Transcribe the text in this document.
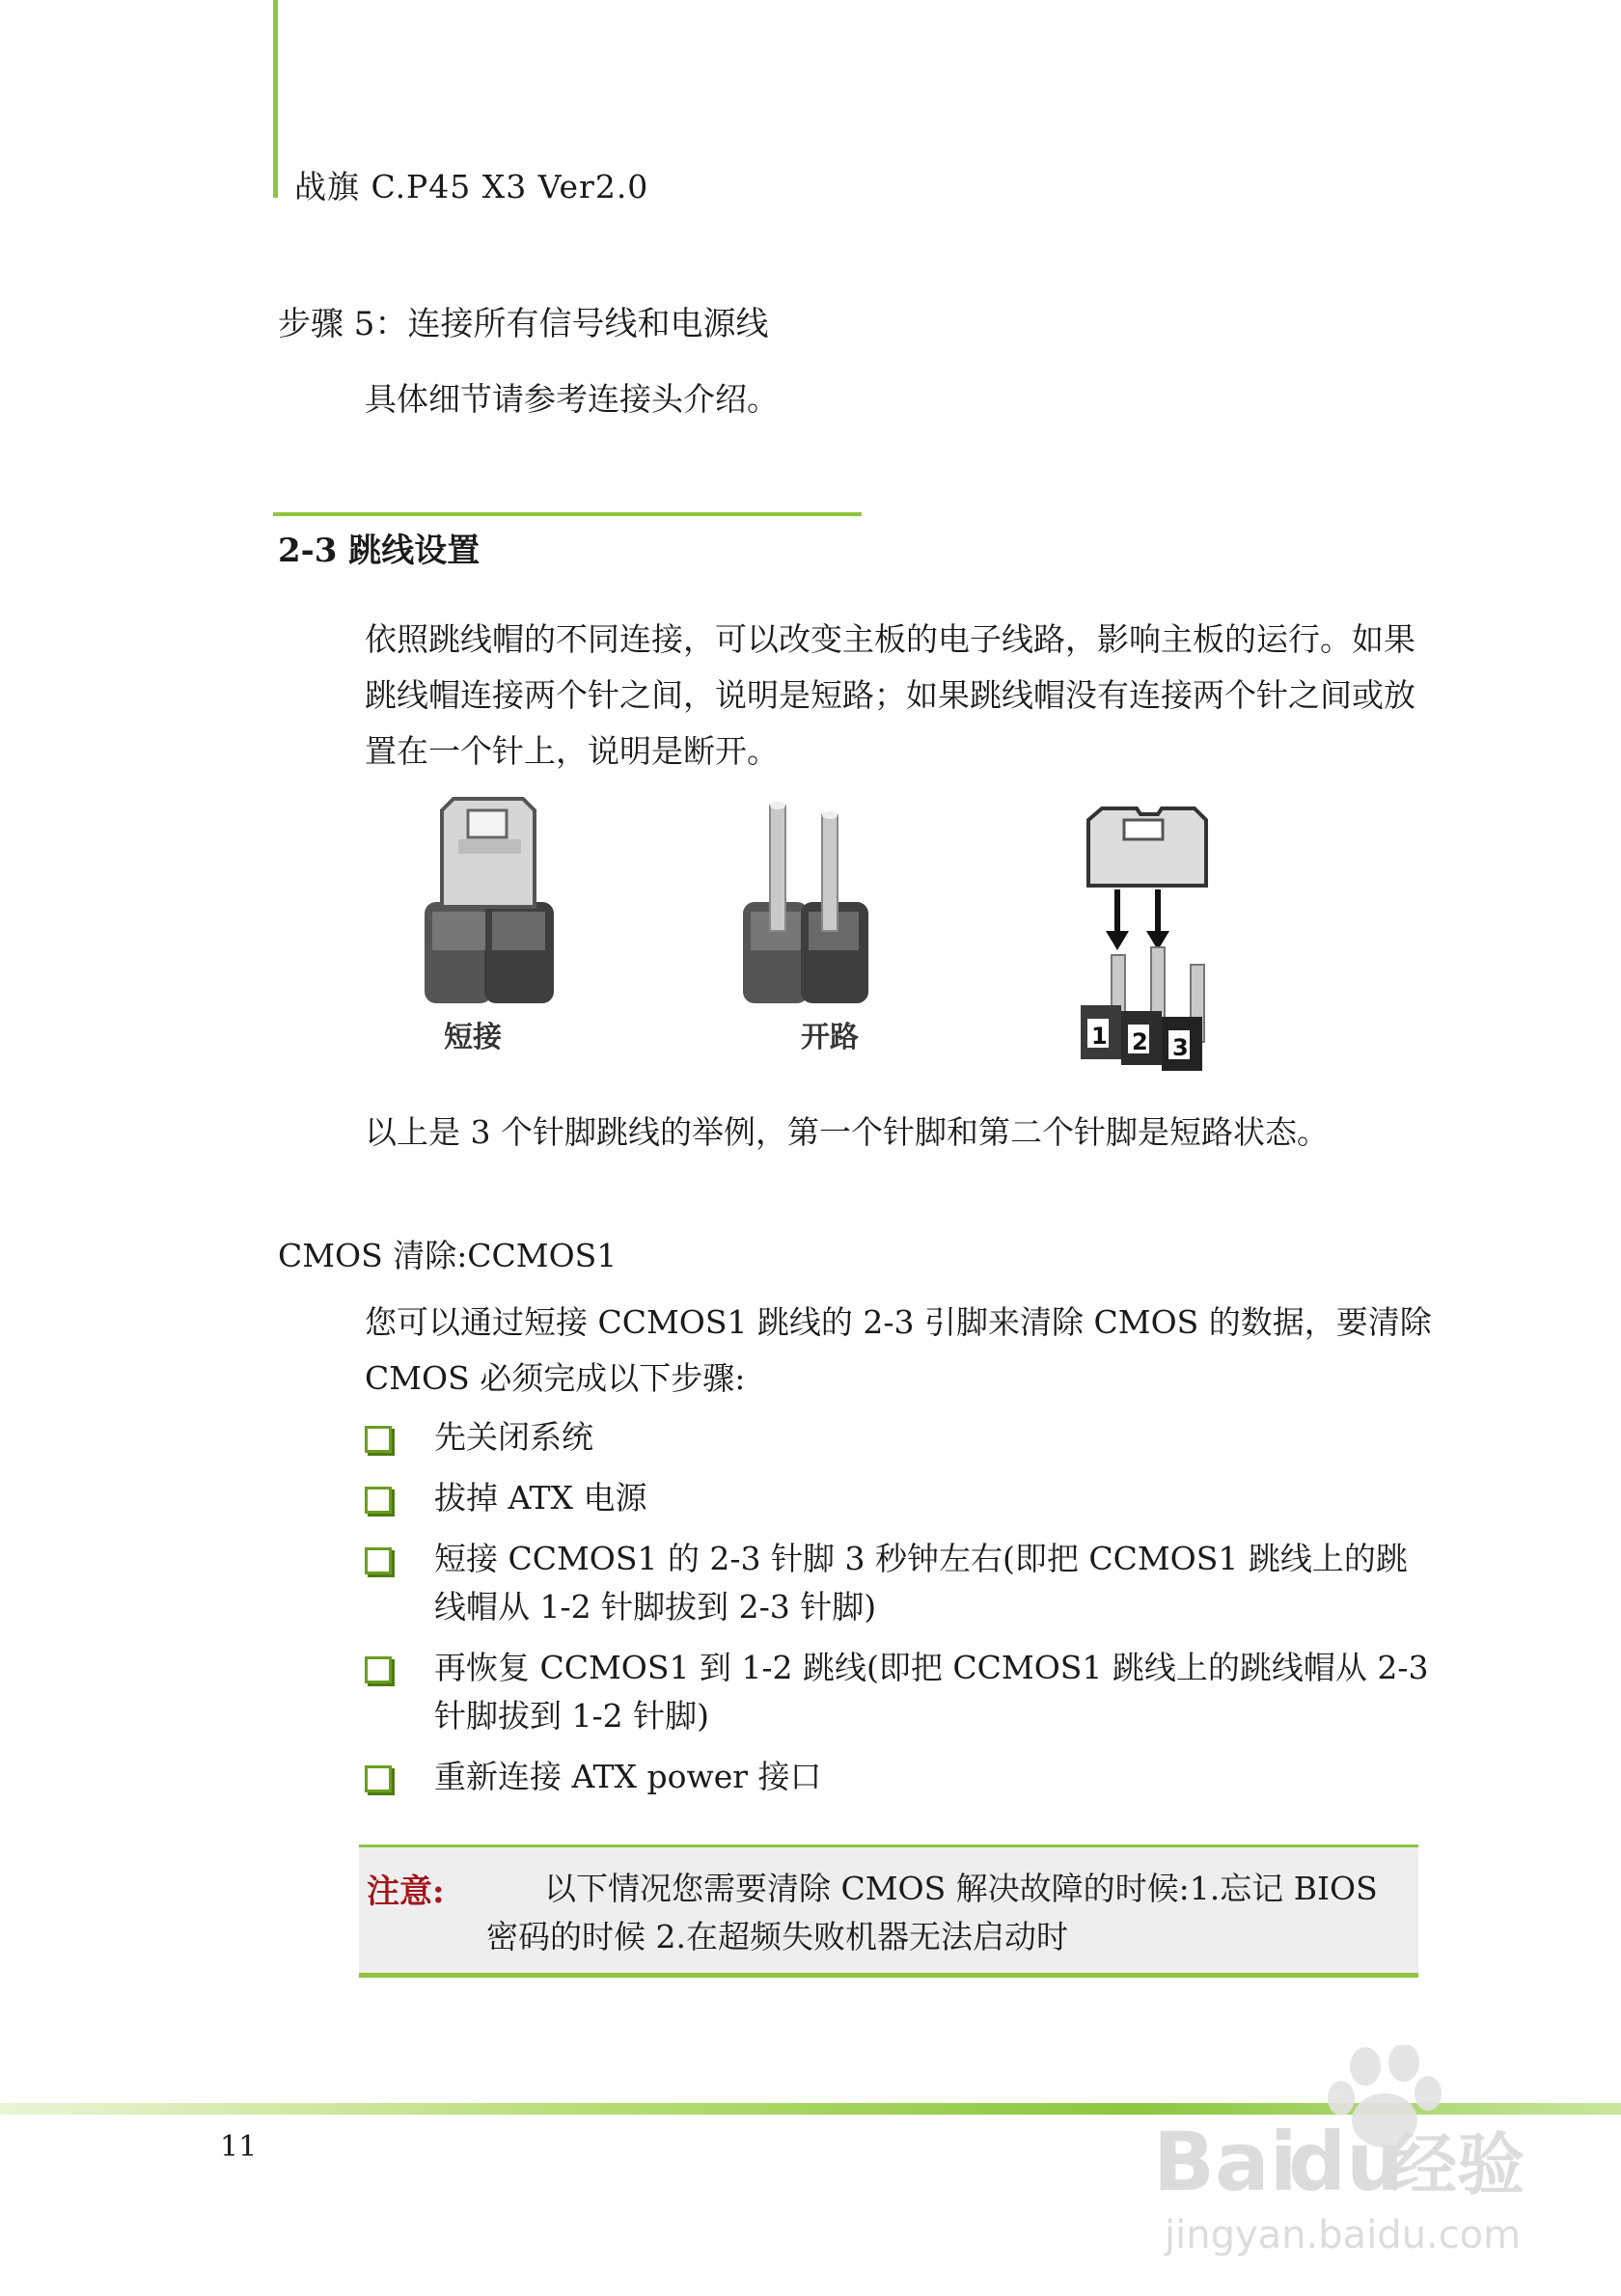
战旗 C.P45 X3 Ver2.0
步骤 5：连接所有信号线和电源线
具体细节请参考连接头介绍。
2-3 跳线设置
依照跳线帽的不同连接，可以改变主板的电子线路，影响主板的运行。如果跳线帽连接两个针之间，说明是短路；如果跳线帽没有连接两个针之间或放置在一个针上，说明是断开。
短接	开路	1 2 3
以上是 3 个针脚跳线的举例，第一个针脚和第二个针脚是短路状态。
CMOS 清除:CCMOS1
您可以通过短接 CCMOS1 跳线的 2-3 引脚来清除 CMOS 的数据，要清除 CMOS 必须完成以下步骤:
先关闭系统
拔掉 ATX 电源
短接 CCMOS1 的 2-3 针脚 3 秒钟左右(即把 CCMOS1 跳线上的跳线帽从 1-2 针脚拔到 2-3 针脚)
再恢复 CCMOS1 到 1-2 跳线(即把 CCMOS1 跳线上的跳线帽从 2-3 针脚拔到 1-2 针脚)
重新连接 ATX power 接口
注意:	以下情况您需要清除 CMOS 解决故障的时候:1.忘记 BIOS 密码的时候 2.在超频失败机器无法启动时
11	Bai
du
经验
jingyan.baidu.com
